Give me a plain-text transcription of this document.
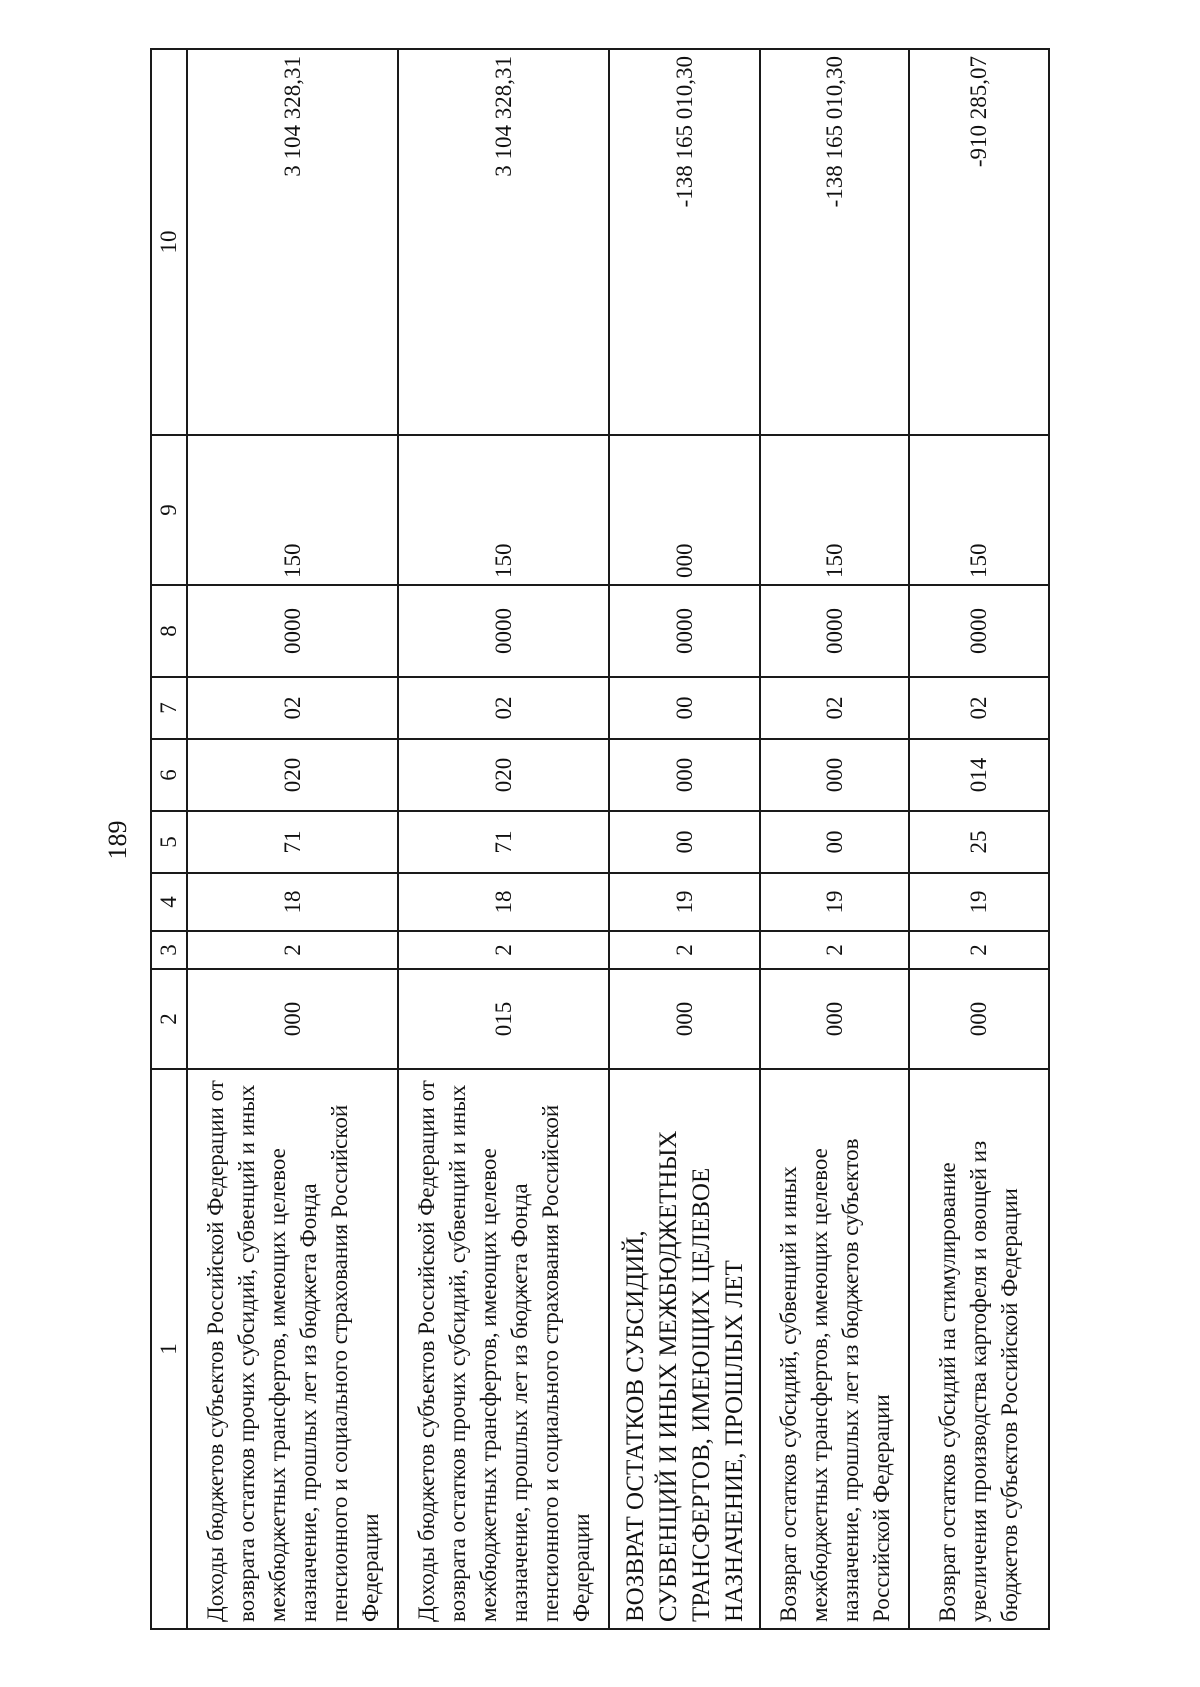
189
1	2	3	4	5	6	7	8	9	10
Доходы бюджетов субъектов Российской Федерации от возврата остатков прочих субсидий, субвенций и иных межбюджетных трансфертов, имеющих целевое назначение, прошлых лет из бюджета Фонда пенсионного и социального страхования Российской Федерации	000	2	18	71	020	02	0000	150	3 104 328,31
Доходы бюджетов субъектов Российской Федерации от возврата остатков прочих субсидий, субвенций и иных межбюджетных трансфертов, имеющих целевое назначение, прошлых лет из бюджета Фонда пенсионного и социального страхования Российской Федерации	015	2	18	71	020	02	0000	150	3 104 328,31
ВОЗВРАТ ОСТАТКОВ СУБСИДИЙ, СУБВЕНЦИЙ И ИНЫХ МЕЖБЮДЖЕТНЫХ ТРАНСФЕРТОВ, ИМЕЮЩИХ ЦЕЛЕВОЕ НАЗНАЧЕНИЕ, ПРОШЛЫХ ЛЕТ	000	2	19	00	000	00	0000	000	-138 165 010,30
Возврат остатков субсидий, субвенций и иных межбюджетных трансфертов, имеющих целевое назначение, прошлых лет из бюджетов субъектов Российской Федерации	000	2	19	00	000	02	0000	150	-138 165 010,30
Возврат остатков субсидий на стимулирование увеличения производства картофеля и овощей из бюджетов субъектов Российской Федерации	000	2	19	25	014	02	0000	150	-910 285,07
